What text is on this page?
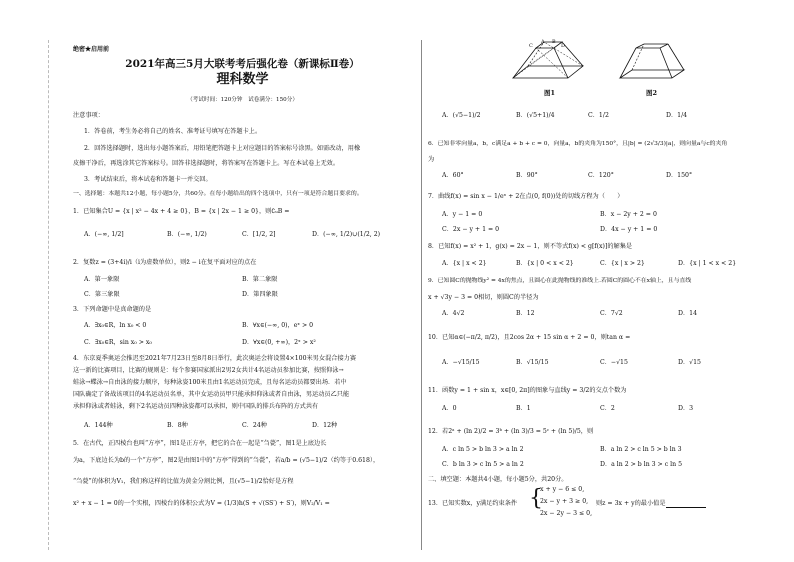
绝密★启用前
2021年高三5月大联考考后强化卷（新课标Ⅱ卷）
理科数学
（考试时间：120分钟　试卷满分：150分）
注意事项：
1．答卷前，考生务必将自己的姓名、准考证号填写在答题卡上。
2．回答选择题时，选出每小题答案后，用铅笔把答题卡上对应题目的答案标号涂黑。如需改动，用橡
皮擦干净后，再选涂其它答案标号。回答非选择题时，将答案写在答题卡上。写在本试卷上无效。
3．考试结束后，将本试卷和答题卡一并交回。
一、选择题：本题共12小题，每小题5分，共60分。在每小题给出的四个选项中，只有一项是符合题目要求的。
1．已知集合U = {x | x² − 4x + 4 ≥ 0}，B = {x | 2x − 1 ≥ 0}，则∁ᵤB =
A．(−∞, 1/2]	B．(−∞, 1/2)	C．[1/2, 2]	D．(−∞, 1/2)∪(1/2, 2)
2．复数z = (3+4i)/i（i为虚数单位），则z̄ − i在复平面对应的点在
A．第一象限	B．第二象限
C．第三象限	D．第四象限
3．下列命题中是真命题的是
A．∃x₀∈R，ln x₀ < 0	B．∀x∈(−∞, 0)，eˣ > 0
C．∃x₀∈R，sin x₀ > x₀	D．∀x∈(0, +∞)，2ˣ > x²
4．东京夏季奥运会推迟至2021年7月23日至8月8日举行，此次奥运会将设置4×100米男女混合接力赛
这一新的比赛项目，比赛的规则是：每个参赛国家派出2男2女共计4名运动员参加比赛，按照仰泳→
蛙泳→蝶泳→自由泳的接力顺序，每种泳姿100米且由1名运动员完成，且每名运动员都要出场．若中
国队确定了备战该项目的4名运动员名单，其中女运动员甲只能承担仰泳或者自由泳，男运动员乙只能
承担仰泳或者蛙泳，剩下2名运动员四种泳姿都可以承担，则中国队的排兵布阵的方式共有
A．144种	B．8种	C．24种	D．12种
5．在古代，正四棱台也叫“方亭”，图1是正方亭，把它的合在一起是“刍甍”，图1是上底边长
为a，下底边长为b的一个“方亭”，图2是由图1中的“方亭”得到的“刍甍”，若a/b = (√5−1)/2（约等于0.618），
“刍甍”的体积为V₁，我们称这样的比值为黄金分割比例，且(√5−1)/2恰好是方程
x² + x − 1 = 0的一个实根，四棱台的体积公式为V = (1/3)h(S + √(SS′) + S′)，则V₂/V₁ =
A B
C	D
图1	图2
A．(√5−1)/2	B．(√5+1)/4	C．1/2	D．1/4
6．已知非零向量a，b，c满足a + b + c = 0，向量a，b的夹角为150°，且|b| = (2√3/3)|a|，则向量a与c的夹角
为
A．60°	B．90°	C．120°	D．150°
7．曲线f(x) = sin x − 1/eˣ + 2在点(0, f(0))处的切线方程为（　　）
A．y − 1 = 0	B．x − 2y + 2 = 0
C．2x − y + 1 = 0	D．4x − y + 1 = 0
8．已知f(x) = x² + 1，g(x) = 2x − 1，则不等式f(x) < g[f(x)]的解集是
A．{x | x < 2}	B．{x | 0 < x < 2}	C．{x | x > 2}	D．{x | 1 < x < 2}
9．已知圆C的抛物线y² = 4x的焦点，且圆心在此抛物线的准线上.若圆C的圆心不在x轴上，且与直线
x + √3y − 3 = 0相切，则圆C的半径为
A．4√2	B．12	C．7√2	D．14
10．已知α∈(−π/2, π/2)，且2cos 2α + 15 sin α + 2 = 0，则tan α =
A．−√15/15	B．√15/15	C．−√15	D．√15
11．函数y = 1 + sin x，x∈[0, 2π]的图象与直线y = 3/2的交点个数为
A．0	B．1	C．2	D．3
12．若2ᵃ + (ln 2)/2 = 3ᵇ + (ln 3)/3 = 5ᶜ + (ln 5)/5，则
A．c ln 5 > b ln 3 > a ln 2	B．a ln 2 > c ln 5 > b ln 3
C．b ln 3 > c ln 5 > a ln 2	D．a ln 2 > b ln 3 > c ln 5
二、填空题：本题共4小题，每小题5分，共20分。
13．已知实数x，y满足约束条件 {
x + y − 6 ≤ 0,
2x − y + 3 ≥ 0,
2x − 2y − 3 ≤ 0,
则z = 3x + y的最小值是
